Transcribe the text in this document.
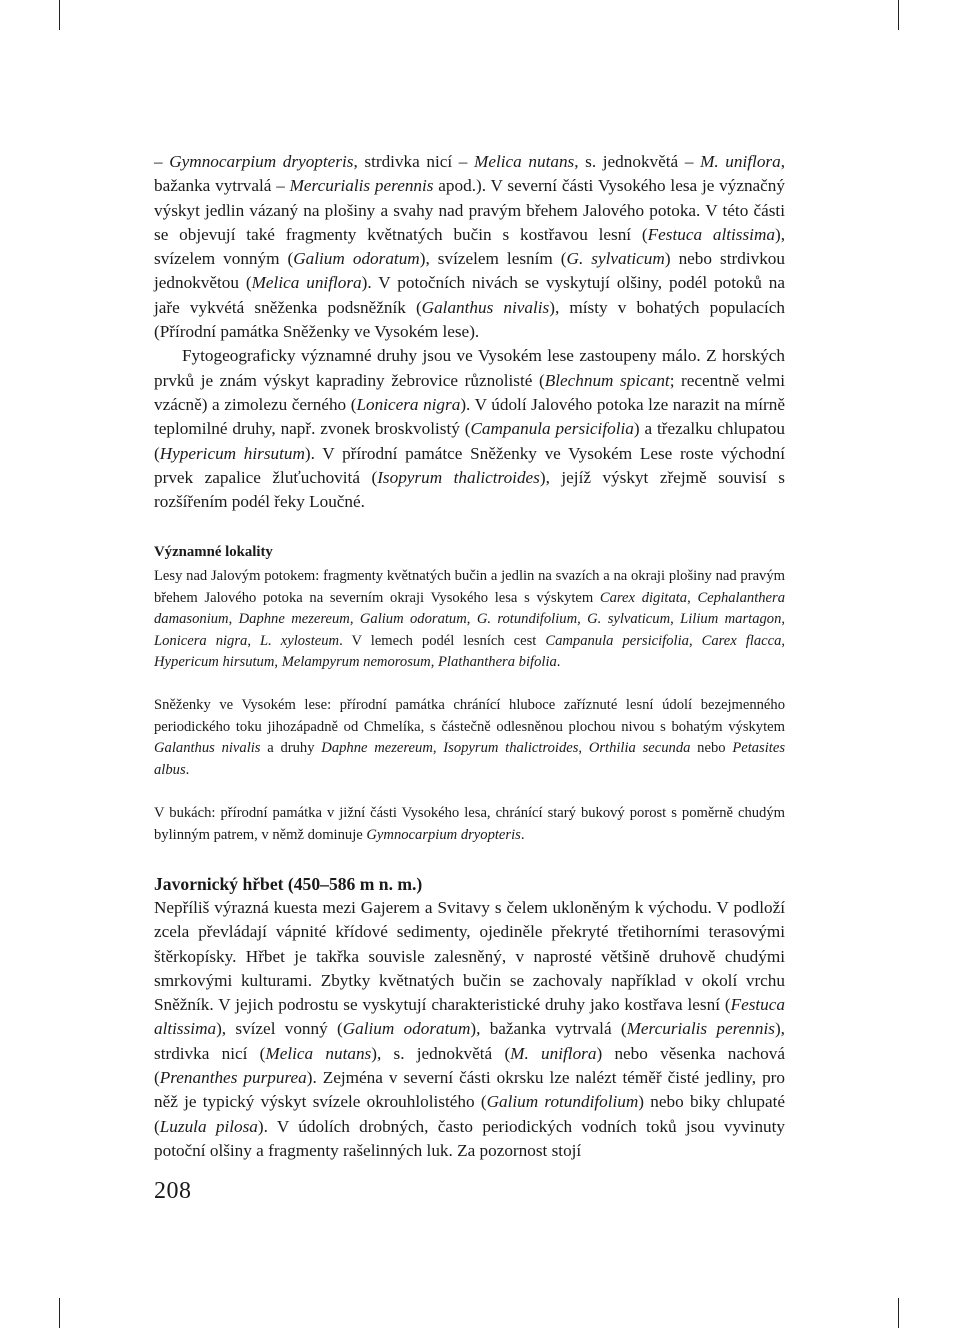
– Gymnocarpium dryopteris, strdivka nicí – Melica nutans, s. jednokvětá – M. uniflora, bažanka vytrvalá – Mercurialis perennis apod.). V severní části Vysokého lesa je význačný výskyt jedlin vázaný na plošiny a svahy nad pravým břehem Jalového potoka. V této části se objevují také fragmenty květnatých bučin s kostřavou lesní (Festuca altissima), svízelem vonným (Galium odoratum), svízelem lesním (G. sylvaticum) nebo strdivkou jednokvětou (Melica uniflora). V potočních nivách se vyskytují olšiny, podél potoků na jaře vykvétá sněženka podsněžník (Galanthus nivalis), místy v bohatých populacích (Přírodní památka Sněženky ve Vysokém lese).

Fytogeograficky významné druhy jsou ve Vysokém lese zastoupeny málo. Z horských prvků je znám výskyt kapradiny žebrovice různolisté (Blechnum spicant; recentně velmi vzácně) a zimolezu černého (Lonicera nigra). V údolí Jalového potoka lze narazit na mírně teplomilné druhy, např. zvonek broskvolistý (Campanula persicifolia) a třezalku chlupatou (Hypericum hirsutum). V přírodní památce Sněženky ve Vysokém Lese roste východní prvek zapalice žluťuchovitá (Isopyrum thalictroides), jejíž výskyt zřejmě souvisí s rozšířením podél řeky Loučné.

Významné lokality

Lesy nad Jalovým potokem: fragmenty květnatých bučin a jedlin na svazích a na okraji plošiny nad pravým břehem Jalového potoka na severním okraji Vysokého lesa s výskytem Carex digitata, Cephalanthera damasonium, Daphne mezereum, Galium odoratum, G. rotundifolium, G. sylvaticum, Lilium martagon, Lonicera nigra, L. xylosteum. V lemech podél lesních cest Campanula persicifolia, Carex flacca, Hypericum hirsutum, Melampyrum nemorosum, Plathanthera bifolia.

Sněženky ve Vysokém lese: přírodní památka chránící hluboce zaříznuté lesní údolí bezejmenného periodického toku jihozápadně od Chmelíka, s částečně odlesněnou plochou nivou s bohatým výskytem Galanthus nivalis a druhy Daphne mezereum, Isopyrum thalictroides, Orthilia secunda nebo Petasites albus.

V bukách: přírodní památka v jižní části Vysokého lesa, chránící starý bukový porost s poměrně chudým bylinným patrem, v němž dominuje Gymnocarpium dryopteris.

Javornický hřbet (450–586 m n. m.)

Nepříliš výrazná kuesta mezi Gajerem a Svitavy s čelem ukloněným k východu. V podloží zcela převládají vápnité křídové sedimenty, ojediněle překryté třetihorními terasovými štěrkopísky. Hřbet je takřka souvisle zalesněný, v naprosté většině druhově chudými smrkovými kulturami. Zbytky květnatých bučin se zachovaly například v okolí vrchu Sněžník. V jejich podrostu se vyskytují charakteristické druhy jako kostřava lesní (Festuca altissima), svízel vonný (Galium odoratum), bažanka vytrvalá (Mercurialis perennis), strdivka nicí (Melica nutans), s. jednokvětá (M. uniflora) nebo věsenka nachová (Prenanthes purpurea). Zejména v severní části okrsku lze nalézt téměř čisté jedliny, pro něž je typický výskyt svízele okrouhlolistého (Galium rotundifolium) nebo biky chlupaté (Luzula pilosa). V údolích drobných, často periodických vodních toků jsou vyvinuty potoční olšiny a fragmenty rašelinných luk. Za pozornost stojí

208
